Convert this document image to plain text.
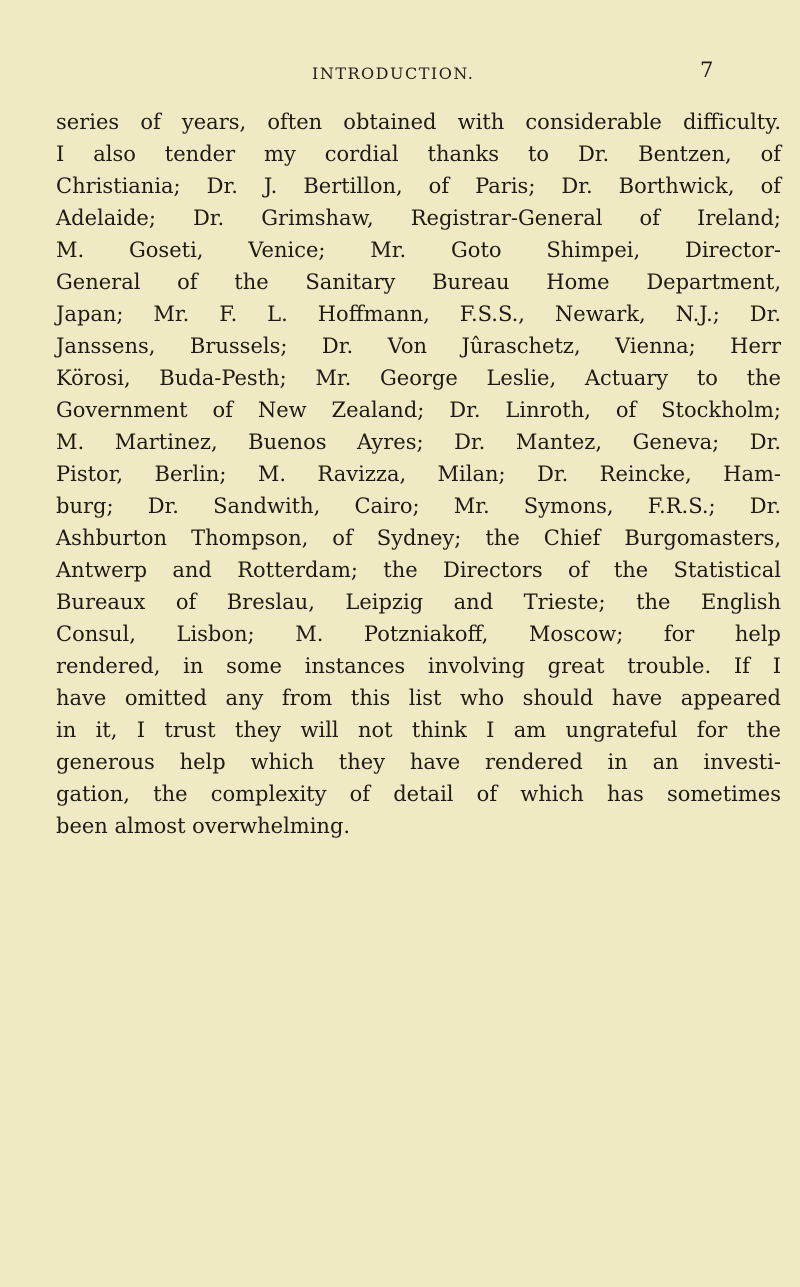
INTRODUCTION.	7
series of years, often obtained with considerable difficulty.
I also tender my cordial thanks to Dr. Bentzen, of
Christiania; Dr. J. Bertillon, of Paris; Dr. Borthwick, of
Adelaide; Dr. Grimshaw, Registrar-General of Ireland;
M. Goseti, Venice; Mr. Goto Shimpei, Director-
General of the Sanitary Bureau Home Department,
Japan; Mr. F. L. Hoffmann, F.S.S., Newark, N.J.; Dr.
Janssens, Brussels; Dr. Von Jûraschetz, Vienna; Herr
Körosi, Buda-Pesth; Mr. George Leslie, Actuary to the
Government of New Zealand; Dr. Linroth, of Stockholm;
M. Martinez, Buenos Ayres; Dr. Mantez, Geneva; Dr.
Pistor, Berlin; M. Ravizza, Milan; Dr. Reincke, Ham-
burg; Dr. Sandwith, Cairo; Mr. Symons, F.R.S.; Dr.
Ashburton Thompson, of Sydney; the Chief Burgomasters,
Antwerp and Rotterdam; the Directors of the Statistical
Bureaux of Breslau, Leipzig and Trieste; the English
Consul, Lisbon; M. Potzniakoff, Moscow; for help
rendered, in some instances involving great trouble. If I
have omitted any from this list who should have appeared
in it, I trust they will not think I am ungrateful for the
generous help which they have rendered in an investi-
gation, the complexity of detail of which has sometimes
been almost overwhelming.
